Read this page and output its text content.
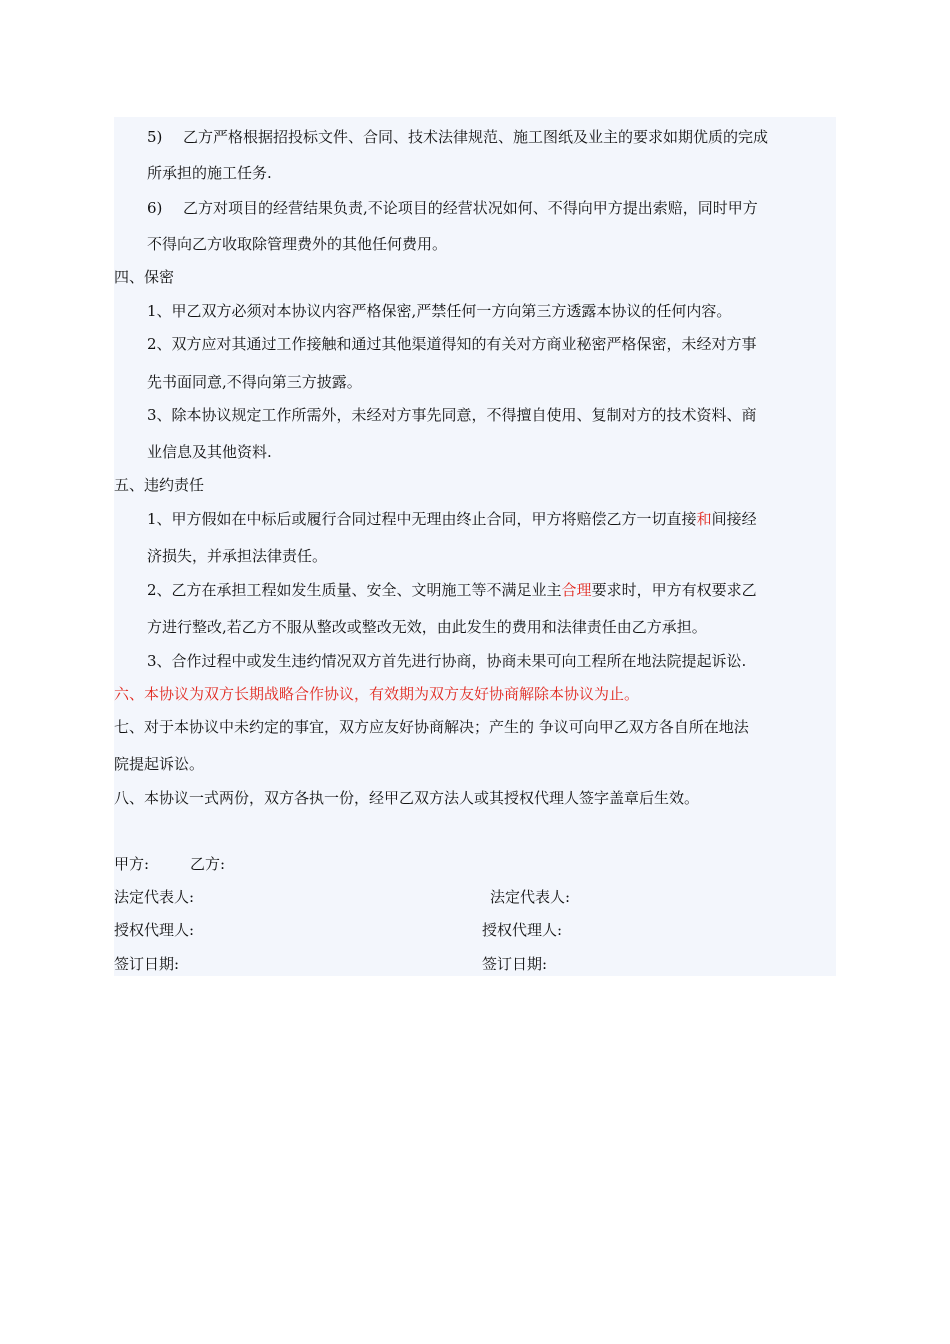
5) 乙方严格根据招投标文件、合同、技术法律规范、施工图纸及业主的要求如期优质的完成
所承担的施工任务.
6) 乙方对项目的经营结果负责,不论项目的经营状况如何、不得向甲方提出索赔，同时甲方
不得向乙方收取除管理费外的其他任何费用。
四、保密
1、甲乙双方必须对本协议内容严格保密,严禁任何一方向第三方透露本协议的任何内容。
2、双方应对其通过工作接触和通过其他渠道得知的有关对方商业秘密严格保密，未经对方事
先书面同意,不得向第三方披露。
3、除本协议规定工作所需外，未经对方事先同意，不得擅自使用、复制对方的技术资料、商
业信息及其他资料.
五、违约责任
1、甲方假如在中标后或履行合同过程中无理由终止合同，甲方将赔偿乙方一切直接和间接经
济损失，并承担法律责任。
2、乙方在承担工程如发生质量、安全、文明施工等不满足业主合理要求时，甲方有权要求乙
方进行整改,若乙方不服从整改或整改无效，由此发生的费用和法律责任由乙方承担。
3、合作过程中或发生违约情况双方首先进行协商，协商未果可向工程所在地法院提起诉讼.
六、本协议为双方长期战略合作协议，有效期为双方友好协商解除本协议为止。
七、对于本协议中未约定的事宜，双方应友好协商解决；产生的 争议可向甲乙双方各自所在地法
院提起诉讼。
八、本协议一式两份，双方各执一份，经甲乙双方法人或其授权代理人签字盖章后生效。
甲方:	乙方:
法定代表人:	法定代表人:
授权代理人:	授权代理人:
签订日期:	签订日期:
